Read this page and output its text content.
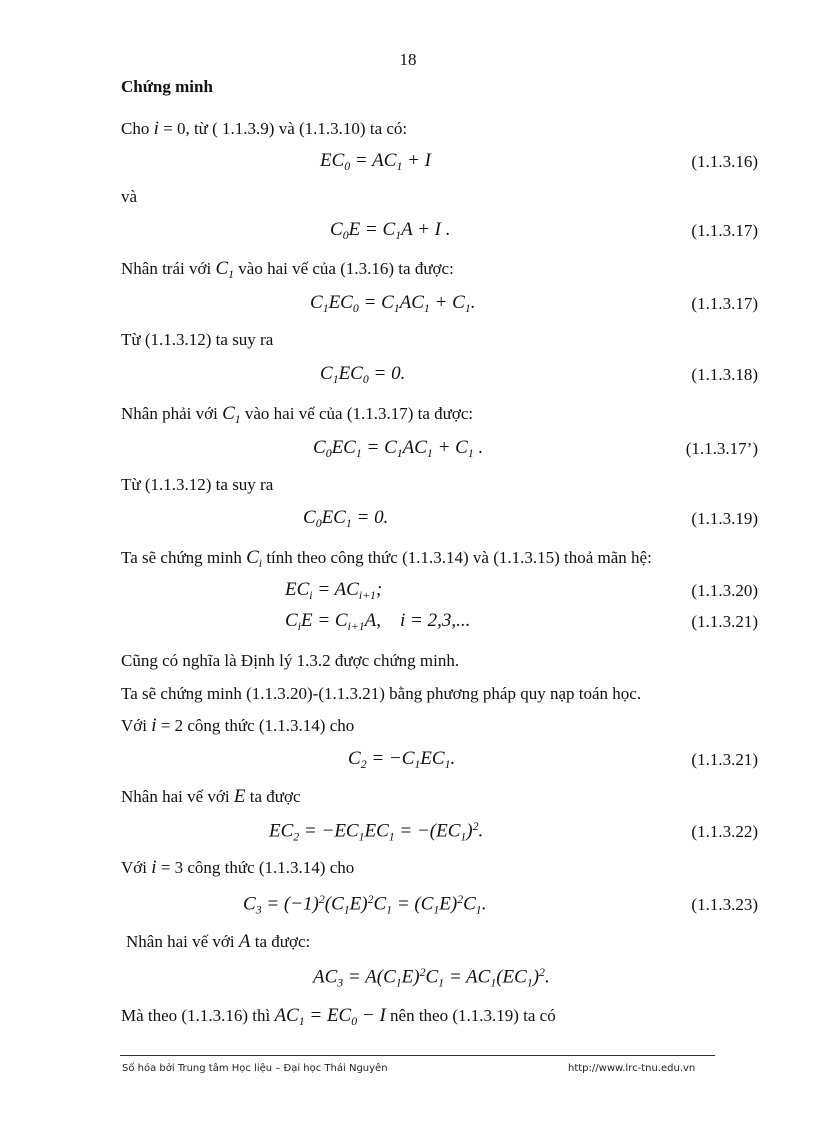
18
Chứng minh
Cho i = 0, từ ( 1.1.3.9) và (1.1.3.10) ta có:
$EC_0 = AC_1 + I$	(1.1.3.16)
và
$C_0E = C_1A + I$ .	(1.1.3.17)
Nhân trái với $C_1$ vào hai vế của (1.3.16) ta được:
$C_1EC_0 = C_1AC_1 + C_1$.	(1.1.3.17)
Từ (1.1.3.12) ta suy ra
$C_1EC_0 = 0$.	(1.1.3.18)
Nhân phải với $C_1$ vào hai vế của (1.1.3.17) ta được:
$C_0EC_1 = C_1AC_1 + C_1$ .	(1.1.3.17’)
Từ (1.1.3.12) ta suy ra
$C_0EC_1 = 0$.	(1.1.3.19)
Ta sẽ chứng minh $C_i$ tính theo công thức (1.1.3.14) và (1.1.3.15) thoả mãn hệ:
$EC_i = AC_{i+1}$;	(1.1.3.20)
$C_iE = C_{i+1}A$,    i = 2,3,...	(1.1.3.21)
Cũng có nghĩa là Định lý 1.3.2 được chứng minh.
Ta sẽ chứng minh (1.1.3.20)-(1.1.3.21) bằng phương pháp quy nạp toán học.
Với i = 2 công thức (1.1.3.14) cho
$C_2 = -C_1EC_1$.	(1.1.3.21)
Nhân hai vế với E ta được
$EC_2 = -EC_1EC_1 = -(EC_1)^2$.	(1.1.3.22)
Với i = 3 công thức (1.1.3.14) cho
$C_3 = (-1)^2(C_1E)^2C_1 = (C_1E)^2C_1$.	(1.1.3.23)
Nhân hai vế với A ta được:
$AC_3 = A(C_1E)^2C_1 = AC_1(EC_1)^2$.
Mà theo (1.1.3.16) thì $AC_1 = EC_0 - I$ nên theo (1.1.3.19) ta có
Số hóa bởi Trung tâm Học liệu – Đại học Thái Nguyên	http://www.lrc-tnu.edu.vn
